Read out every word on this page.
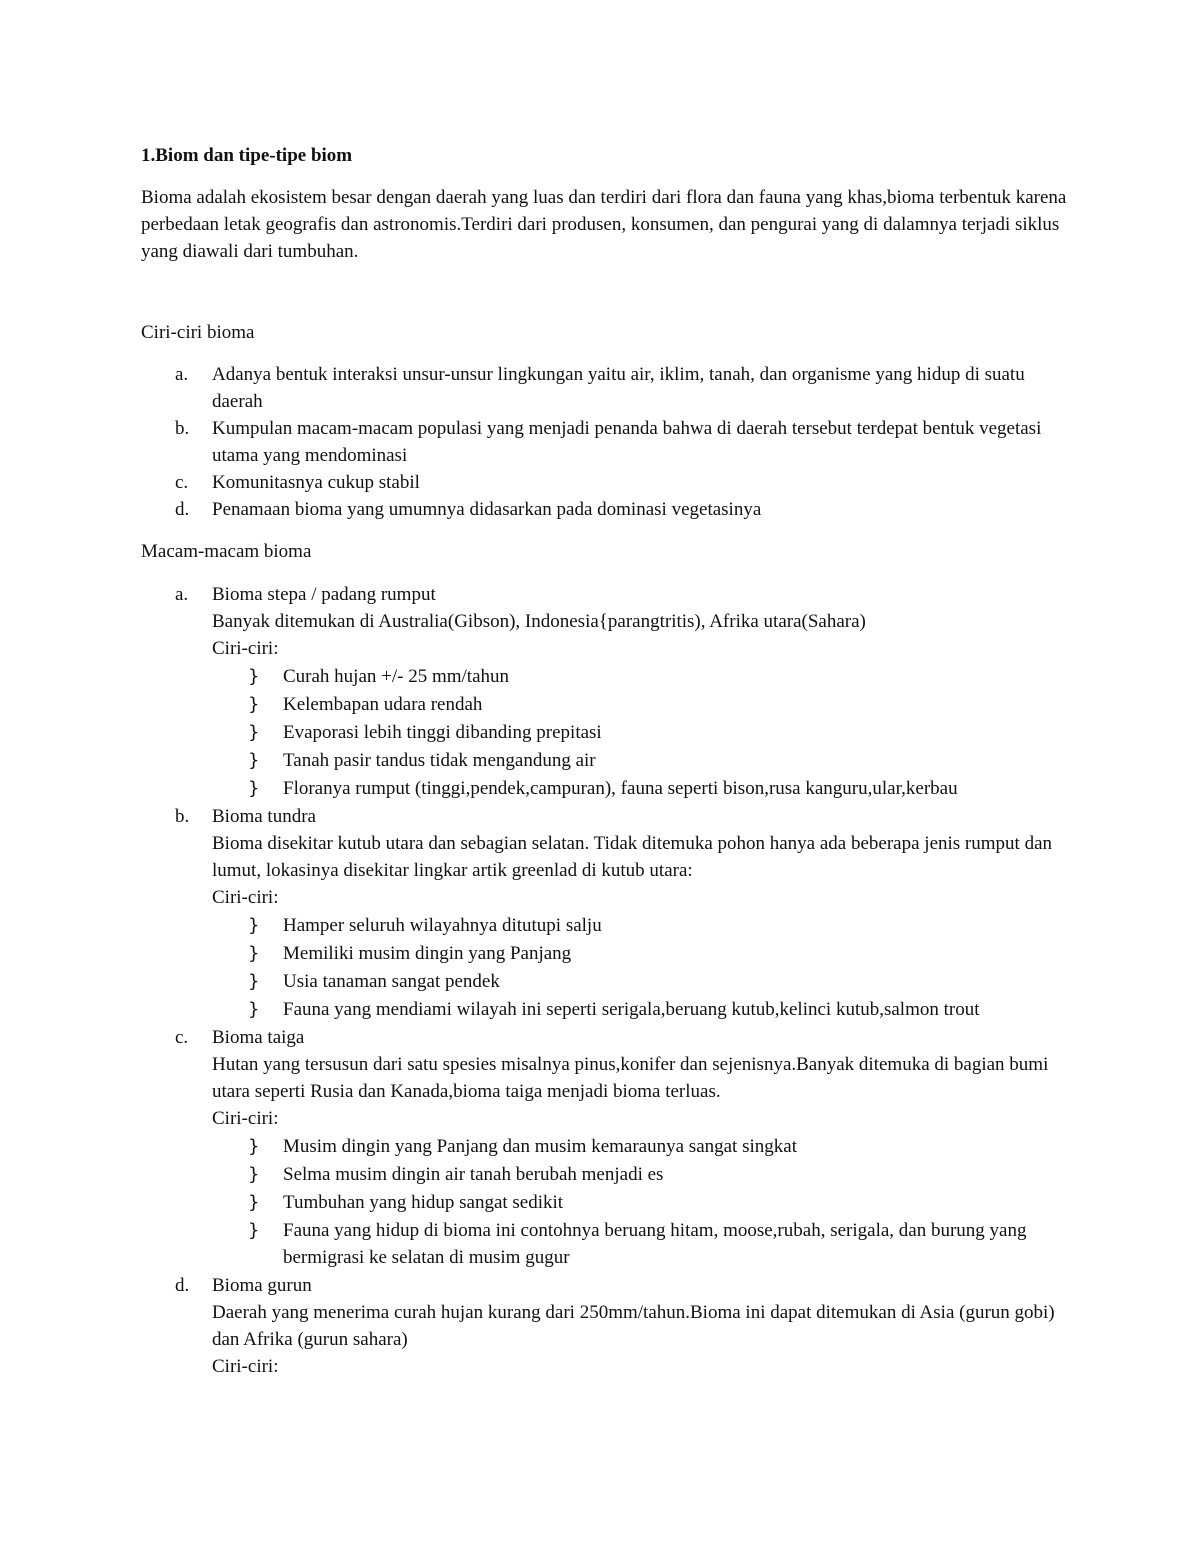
1.Biom dan tipe-tipe biom

Bioma adalah ekosistem besar dengan daerah yang luas dan terdiri dari flora dan fauna yang khas,bioma terbentuk karena perbedaan letak geografis dan astronomis.Terdiri dari produsen, konsumen, dan pengurai yang di dalamnya terjadi siklus yang diawali dari tumbuhan.

Ciri-ciri bioma

a. Adanya bentuk interaksi unsur-unsur lingkungan yaitu air, iklim, tanah, dan organisme yang hidup di suatu daerah
b. Kumpulan macam-macam populasi yang menjadi penanda bahwa di daerah tersebut terdepat bentuk vegetasi utama yang mendominasi
c. Komunitasnya cukup stabil
d. Penamaan bioma yang umumnya didasarkan pada dominasi vegetasinya

Macam-macam bioma

a. Bioma stepa / padang rumput
Banyak ditemukan di Australia(Gibson), Indonesia{parangtritis), Afrika utara(Sahara)
Ciri-ciri:
} Curah hujan +/- 25 mm/tahun
} Kelembapan udara rendah
} Evaporasi lebih tinggi dibanding prepitasi
} Tanah pasir tandus tidak mengandung air
} Floranya rumput (tinggi,pendek,campuran), fauna seperti bison,rusa kanguru,ular,kerbau
b. Bioma tundra
Bioma disekitar kutub utara dan sebagian selatan. Tidak ditemuka pohon hanya ada beberapa jenis rumput dan lumut, lokasinya disekitar lingkar artik greenlad di kutub utara:
Ciri-ciri:
} Hamper seluruh wilayahnya ditutupi salju
} Memiliki musim dingin yang Panjang
} Usia tanaman sangat pendek
} Fauna yang mendiami wilayah ini seperti serigala,beruang kutub,kelinci kutub,salmon trout
c. Bioma taiga
Hutan yang tersusun dari satu spesies misalnya pinus,konifer dan sejenisnya.Banyak ditemuka di bagian bumi utara seperti Rusia dan Kanada,bioma taiga menjadi bioma terluas.
Ciri-ciri:
} Musim dingin yang Panjang dan musim kemaraunya sangat singkat
} Selma musim dingin air tanah berubah menjadi es
} Tumbuhan yang hidup sangat sedikit
} Fauna yang hidup di bioma ini contohnya beruang hitam, moose,rubah, serigala, dan burung yang bermigrasi ke selatan di musim gugur
d. Bioma gurun
Daerah yang menerima curah hujan kurang dari 250mm/tahun.Bioma ini dapat ditemukan di Asia (gurun gobi) dan Afrika (gurun sahara)
Ciri-ciri:
